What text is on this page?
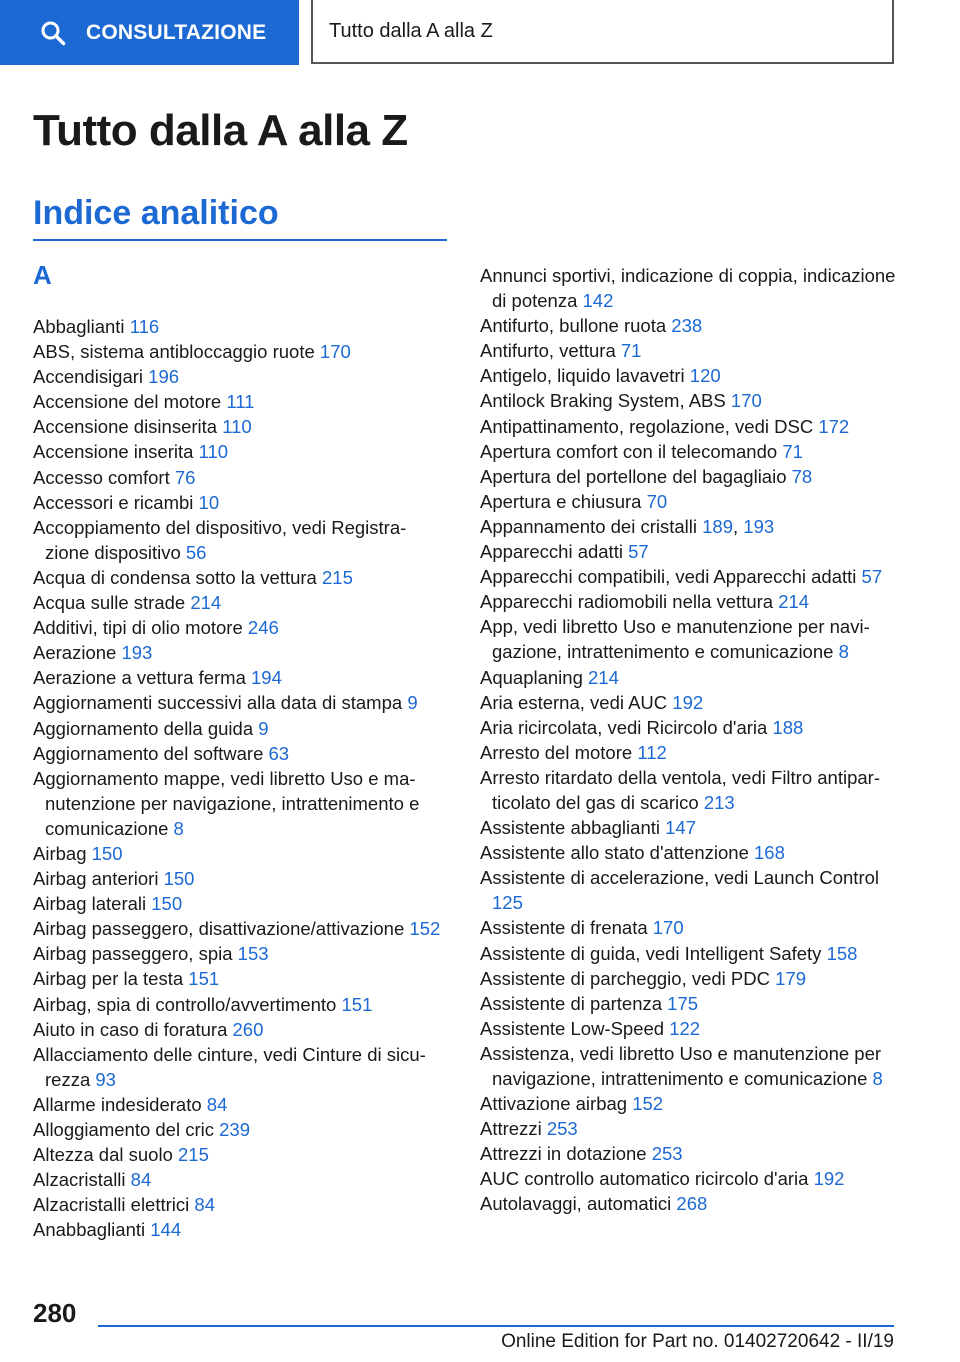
CONSULTAZIONE	Tutto dalla A alla Z
Tutto dalla A alla Z
Indice analitico
A
Abbaglianti 116
ABS, sistema antibloccaggio ruote 170
Accendisigari 196
Accensione del motore 111
Accensione disinserita 110
Accensione inserita 110
Accesso comfort 76
Accessori e ricambi 10
Accoppiamento del dispositivo, vedi Registrazione dispositivo 56
Acqua di condensa sotto la vettura 215
Acqua sulle strade 214
Additivi, tipi di olio motore 246
Aerazione 193
Aerazione a vettura ferma 194
Aggiornamenti successivi alla data di stampa 9
Aggiornamento della guida 9
Aggiornamento del software 63
Aggiornamento mappe, vedi libretto Uso e manutenzione per navigazione, intrattenimento e comunicazione 8
Airbag 150
Airbag anteriori 150
Airbag laterali 150
Airbag passeggero, disattivazione/attivazione 152
Airbag passeggero, spia 153
Airbag per la testa 151
Airbag, spia di controllo/avvertimento 151
Aiuto in caso di foratura 260
Allacciamento delle cinture, vedi Cinture di sicurezza 93
Allarme indesiderato 84
Alloggiamento del cric 239
Altezza dal suolo 215
Alzacristalli 84
Alzacristalli elettrici 84
Anabbaglianti 144
Annunci sportivi, indicazione di coppia, indicazione di potenza 142
Antifurto, bullone ruota 238
Antifurto, vettura 71
Antigelo, liquido lavavetri 120
Antilock Braking System, ABS 170
Antipattinamento, regolazione, vedi DSC 172
Apertura comfort con il telecomando 71
Apertura del portellone del bagagliaio 78
Apertura e chiusura 70
Appannamento dei cristalli 189, 193
Apparecchi adatti 57
Apparecchi compatibili, vedi Apparecchi adatti 57
Apparecchi radiomobili nella vettura 214
App, vedi libretto Uso e manutenzione per navigazione, intrattenimento e comunicazione 8
Aquaplaning 214
Aria esterna, vedi AUC 192
Aria ricircolata, vedi Ricircolo d'aria 188
Arresto del motore 112
Arresto ritardato della ventola, vedi Filtro antiparticolato del gas di scarico 213
Assistente abbaglianti 147
Assistente allo stato d'attenzione 168
Assistente di accelerazione, vedi Launch Control 125
Assistente di frenata 170
Assistente di guida, vedi Intelligent Safety 158
Assistente di parcheggio, vedi PDC 179
Assistente di partenza 175
Assistente Low-Speed 122
Assistenza, vedi libretto Uso e manutenzione per navigazione, intrattenimento e comunicazione 8
Attivazione airbag 152
Attrezzi 253
Attrezzi in dotazione 253
AUC controllo automatico ricircolo d'aria 192
Autolavaggi, automatici 268
280
Online Edition for Part no. 01402720642 - II/19
